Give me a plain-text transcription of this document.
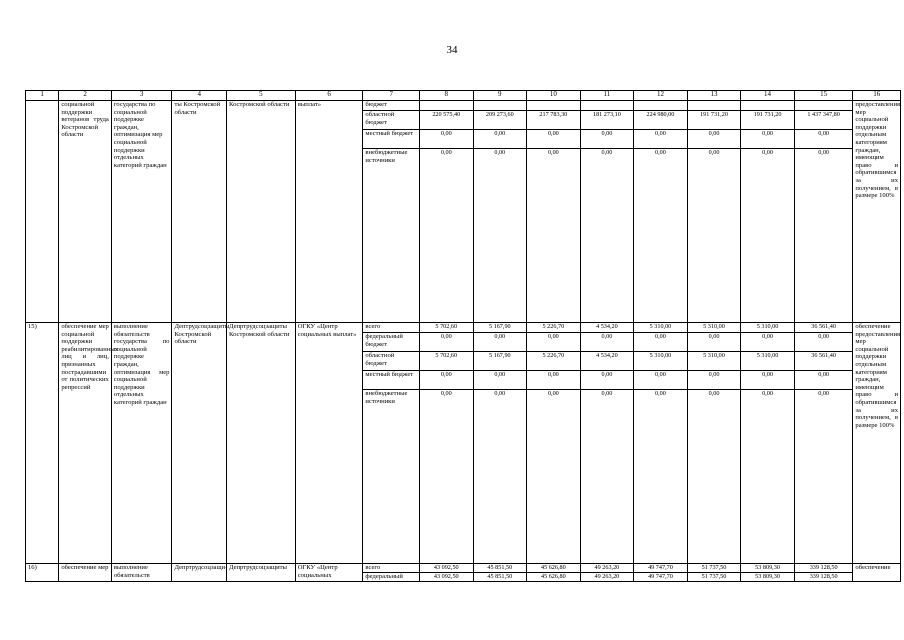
34
1	2	3	4	5	6	7	8	9	10	11	12	13	14	15	16
	социальной поддержки ветеранов труда Костромской области	государства по социальной поддержке граждан, оптимизация мер социальной поддержки отдельных категорий граждан	ты Костромской области	Костромской области	выплат»	бюджет									предоставления мер социальной поддержки отдельным категориям граждан, имеющим право и обратившимся за их получением, в размере 100%
						областной бюджет	220 575,40	209 273,60	217 783,30	181 273,10	224 980,00	191 731,20	191 731,20	1 437 347,80	
						местный бюджет	0,00	0,00	0,00	0,00	0,00	0,00	0,00	0,00	
						внебюджетные источники	0,00	0,00	0,00	0,00	0,00	0,00	0,00	0,00	
15)	обеспечение мер социальной поддержки реабилитированных лиц и лиц, признанных пострадавшими от политических репрессий	выполнение обязательств государства по социальной поддержке граждан, оптимизация мер социальной поддержки отдельных категорий граждан	Дептрудсоцзащиты Костромской области	Депртрудсоцзащиты Костромской области	ОГКУ «Центр социальных выплат»	всего	5 702,60	5 167,90	5 226,70	4 534,20	5 310,00	5 310,00	5 310,00	36 561,40	обеспечение предоставления мер социальной поддержки отдельным категориям граждан, имеющим право и обратившимся за их получением, в размере 100%
						федеральный бюджет	0,00	0,00	0,00	0,00	0,00	0,00	0,00	0,00	
						областной бюджет	5 702,60	5 167,90	5 226,70	4 534,20	5 310,00	5 310,00	5 310,00	36 561,40	
						местный бюджет	0,00	0,00	0,00	0,00	0,00	0,00	0,00	0,00	
						внебюджетные источники	0,00	0,00	0,00	0,00	0,00	0,00	0,00	0,00	
16)	обеспечение мер	выполнение обязательств	Депртрудсоцзащи-	Депртрудсоцзащиты	ОГКУ «Центр социальных	всего	43 092,50	45 851,50	45 626,80	49 263,20	49 747,70	51 737,50	53 809,30	339 128,50	обеспечение
						федеральный	43 092,50	45 851,50	45 626,80	49 263,20	49 747,70	51 737,50	53 809,30	339 128,50	
